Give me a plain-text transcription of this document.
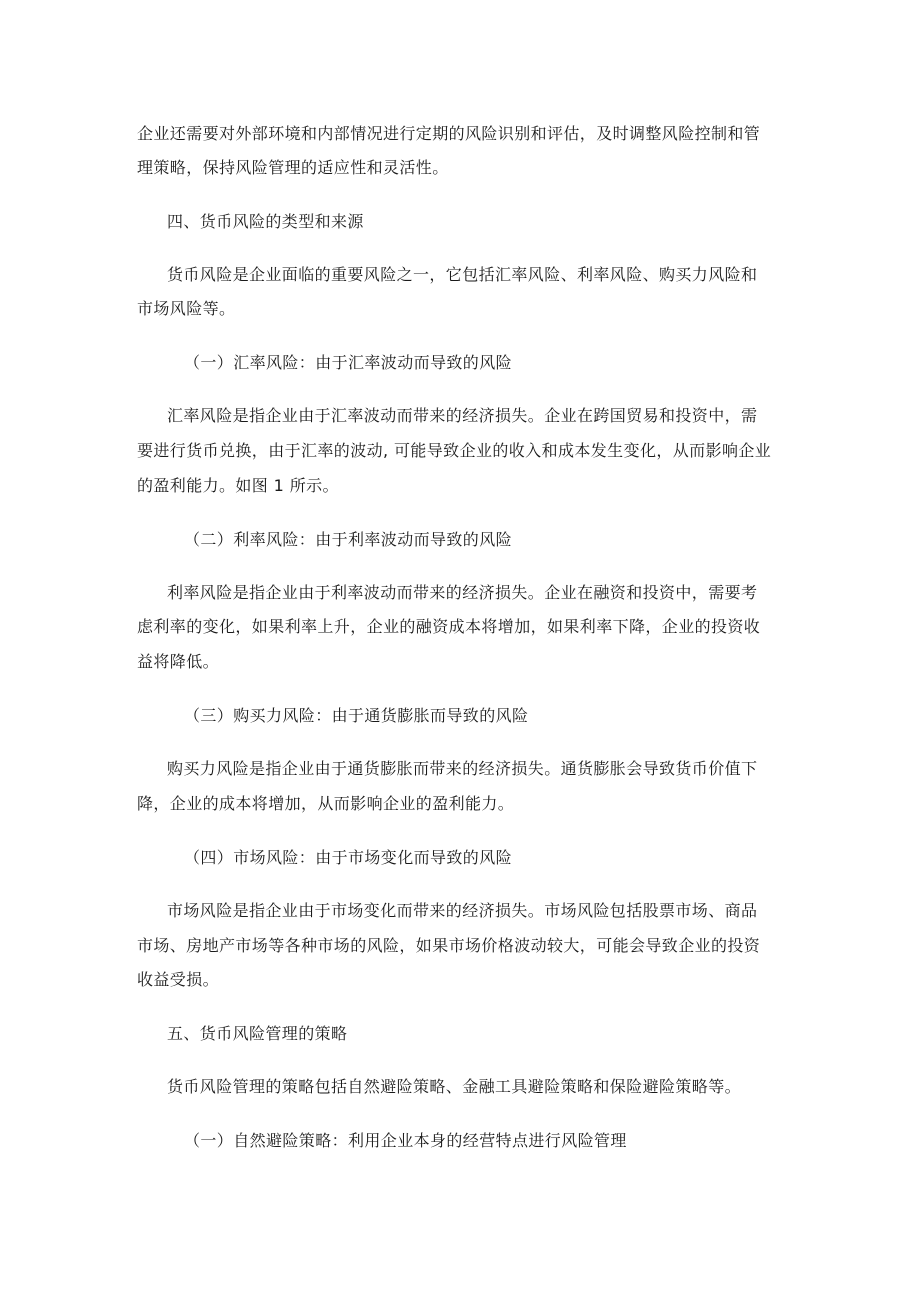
企业还需要对外部环境和内部情况进行定期的风险识别和评估，及时调整风险控制和管

理策略，保持风险管理的适应性和灵活性。

四、货币风险的类型和来源

货币风险是企业面临的重要风险之一，它包括汇率风险、利率风险、购买力风险和

市场风险等。

（一）汇率风险：由于汇率波动而导致的风险

汇率风险是指企业由于汇率波动而带来的经济损失。企业在跨国贸易和投资中，需

要进行货币兑换，由于汇率的波动, 可能导致企业的收入和成本发生变化，从而影响企业

的盈利能力。如图 1 所示。

（二）利率风险：由于利率波动而导致的风险

利率风险是指企业由于利率波动而带来的经济损失。企业在融资和投资中，需要考

虑利率的变化，如果利率上升，企业的融资成本将增加，如果利率下降，企业的投资收

益将降低。

（三）购买力风险：由于通货膨胀而导致的风险

购买力风险是指企业由于通货膨胀而带来的经济损失。通货膨胀会导致货币价值下

降，企业的成本将增加，从而影响企业的盈利能力。

（四）市场风险：由于市场变化而导致的风险

市场风险是指企业由于市场变化而带来的经济损失。市场风险包括股票市场、商品

市场、房地产市场等各种市场的风险，如果市场价格波动较大，可能会导致企业的投资

收益受损。

五、货币风险管理的策略

货币风险管理的策略包括自然避险策略、金融工具避险策略和保险避险策略等。

（一）自然避险策略：利用企业本身的经营特点进行风险管理
